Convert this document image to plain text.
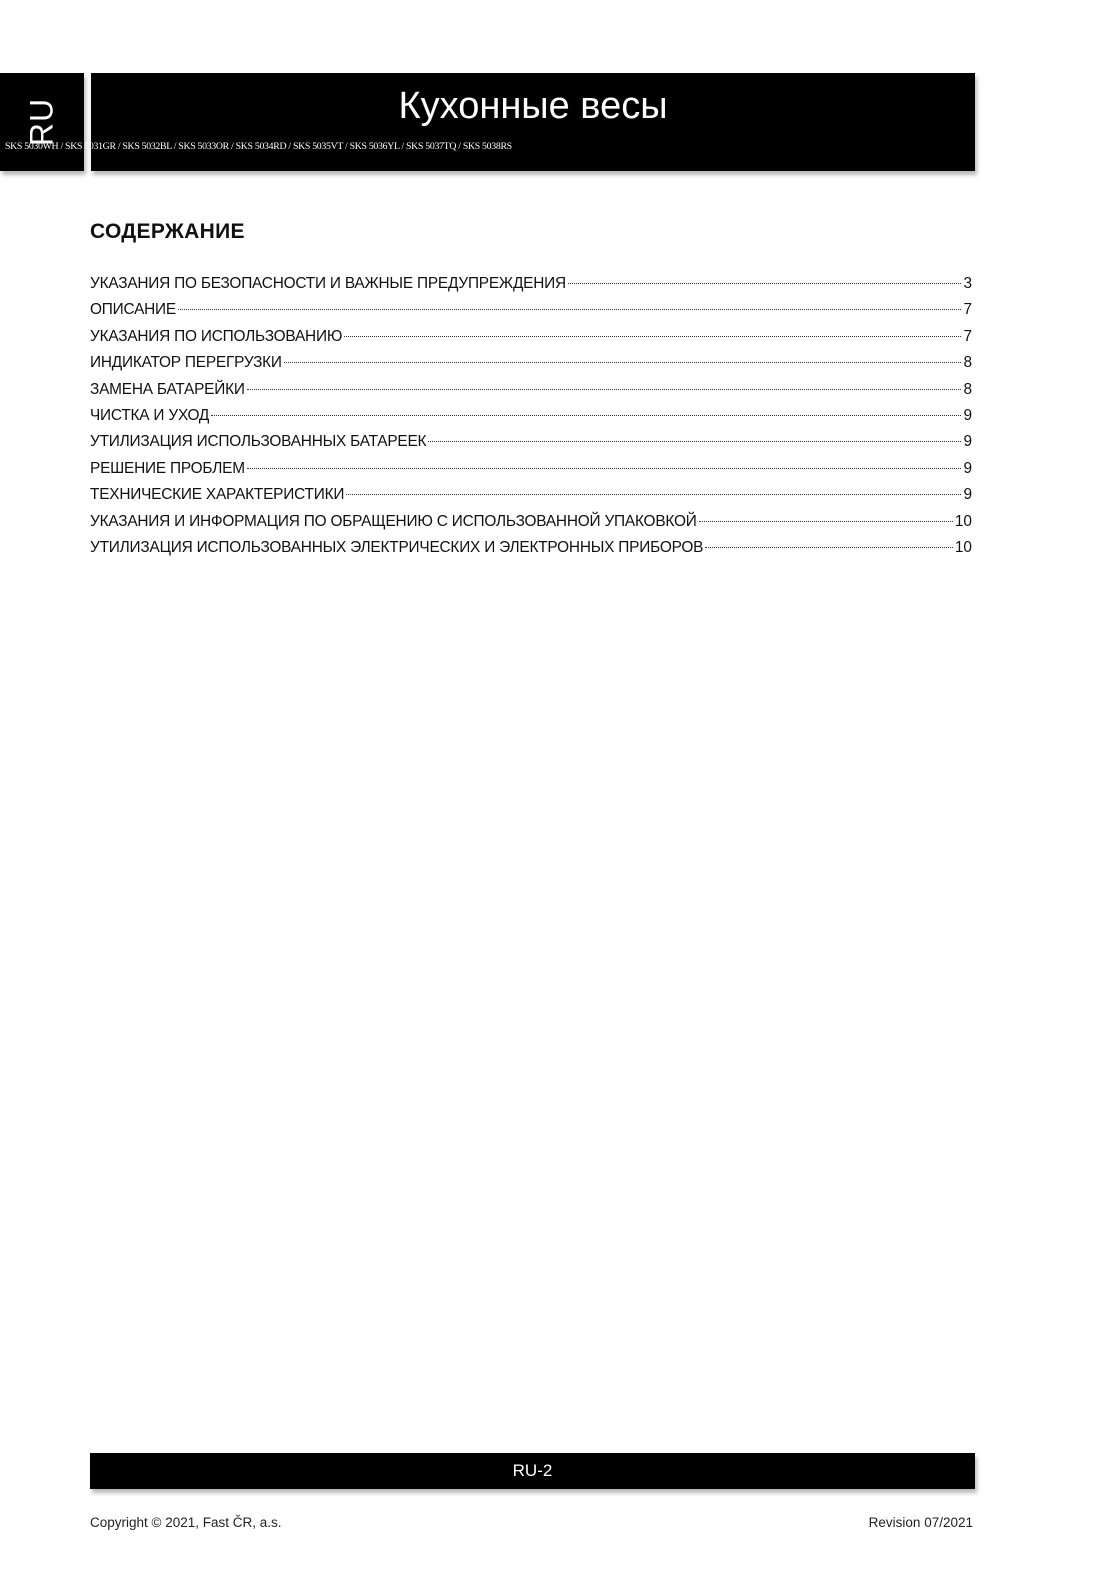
RU	Кухонные весы
SKS 5030WH / SKS 5031GR / SKS 5032BL / SKS 5033OR / SKS 5034RD / SKS 5035VT / SKS 5036YL / SKS 5037TQ / SKS 5038RS
СОДЕРЖАНИЕ
УКАЗАНИЯ ПО БЕЗОПАСНОСТИ И ВАЖНЫЕ ПРЕДУПРЕЖДЕНИЯ	3
ОПИСАНИЕ	7
УКАЗАНИЯ ПО ИСПОЛЬЗОВАНИЮ	7
ИНДИКАТОР ПЕРЕГРУЗКИ	8
ЗАМЕНА БАТАРЕЙКИ	8
ЧИСТКА И УХОД	9
УТИЛИЗАЦИЯ ИСПОЛЬЗОВАННЫХ БАТАРЕЕК	9
РЕШЕНИЕ ПРОБЛЕМ	9
ТЕХНИЧЕСКИЕ ХАРАКТЕРИСТИКИ	9
УКАЗАНИЯ И ИНФОРМАЦИЯ ПО ОБРАЩЕНИЮ С ИСПОЛЬЗОВАННОЙ УПАКОВКОЙ	10
УТИЛИЗАЦИЯ ИСПОЛЬЗОВАННЫХ ЭЛЕКТРИЧЕСКИХ И ЭЛЕКТРОННЫХ ПРИБОРОВ	10
RU-2
Copyright © 2021, Fast ČR, a.s.	Revision 07/2021
